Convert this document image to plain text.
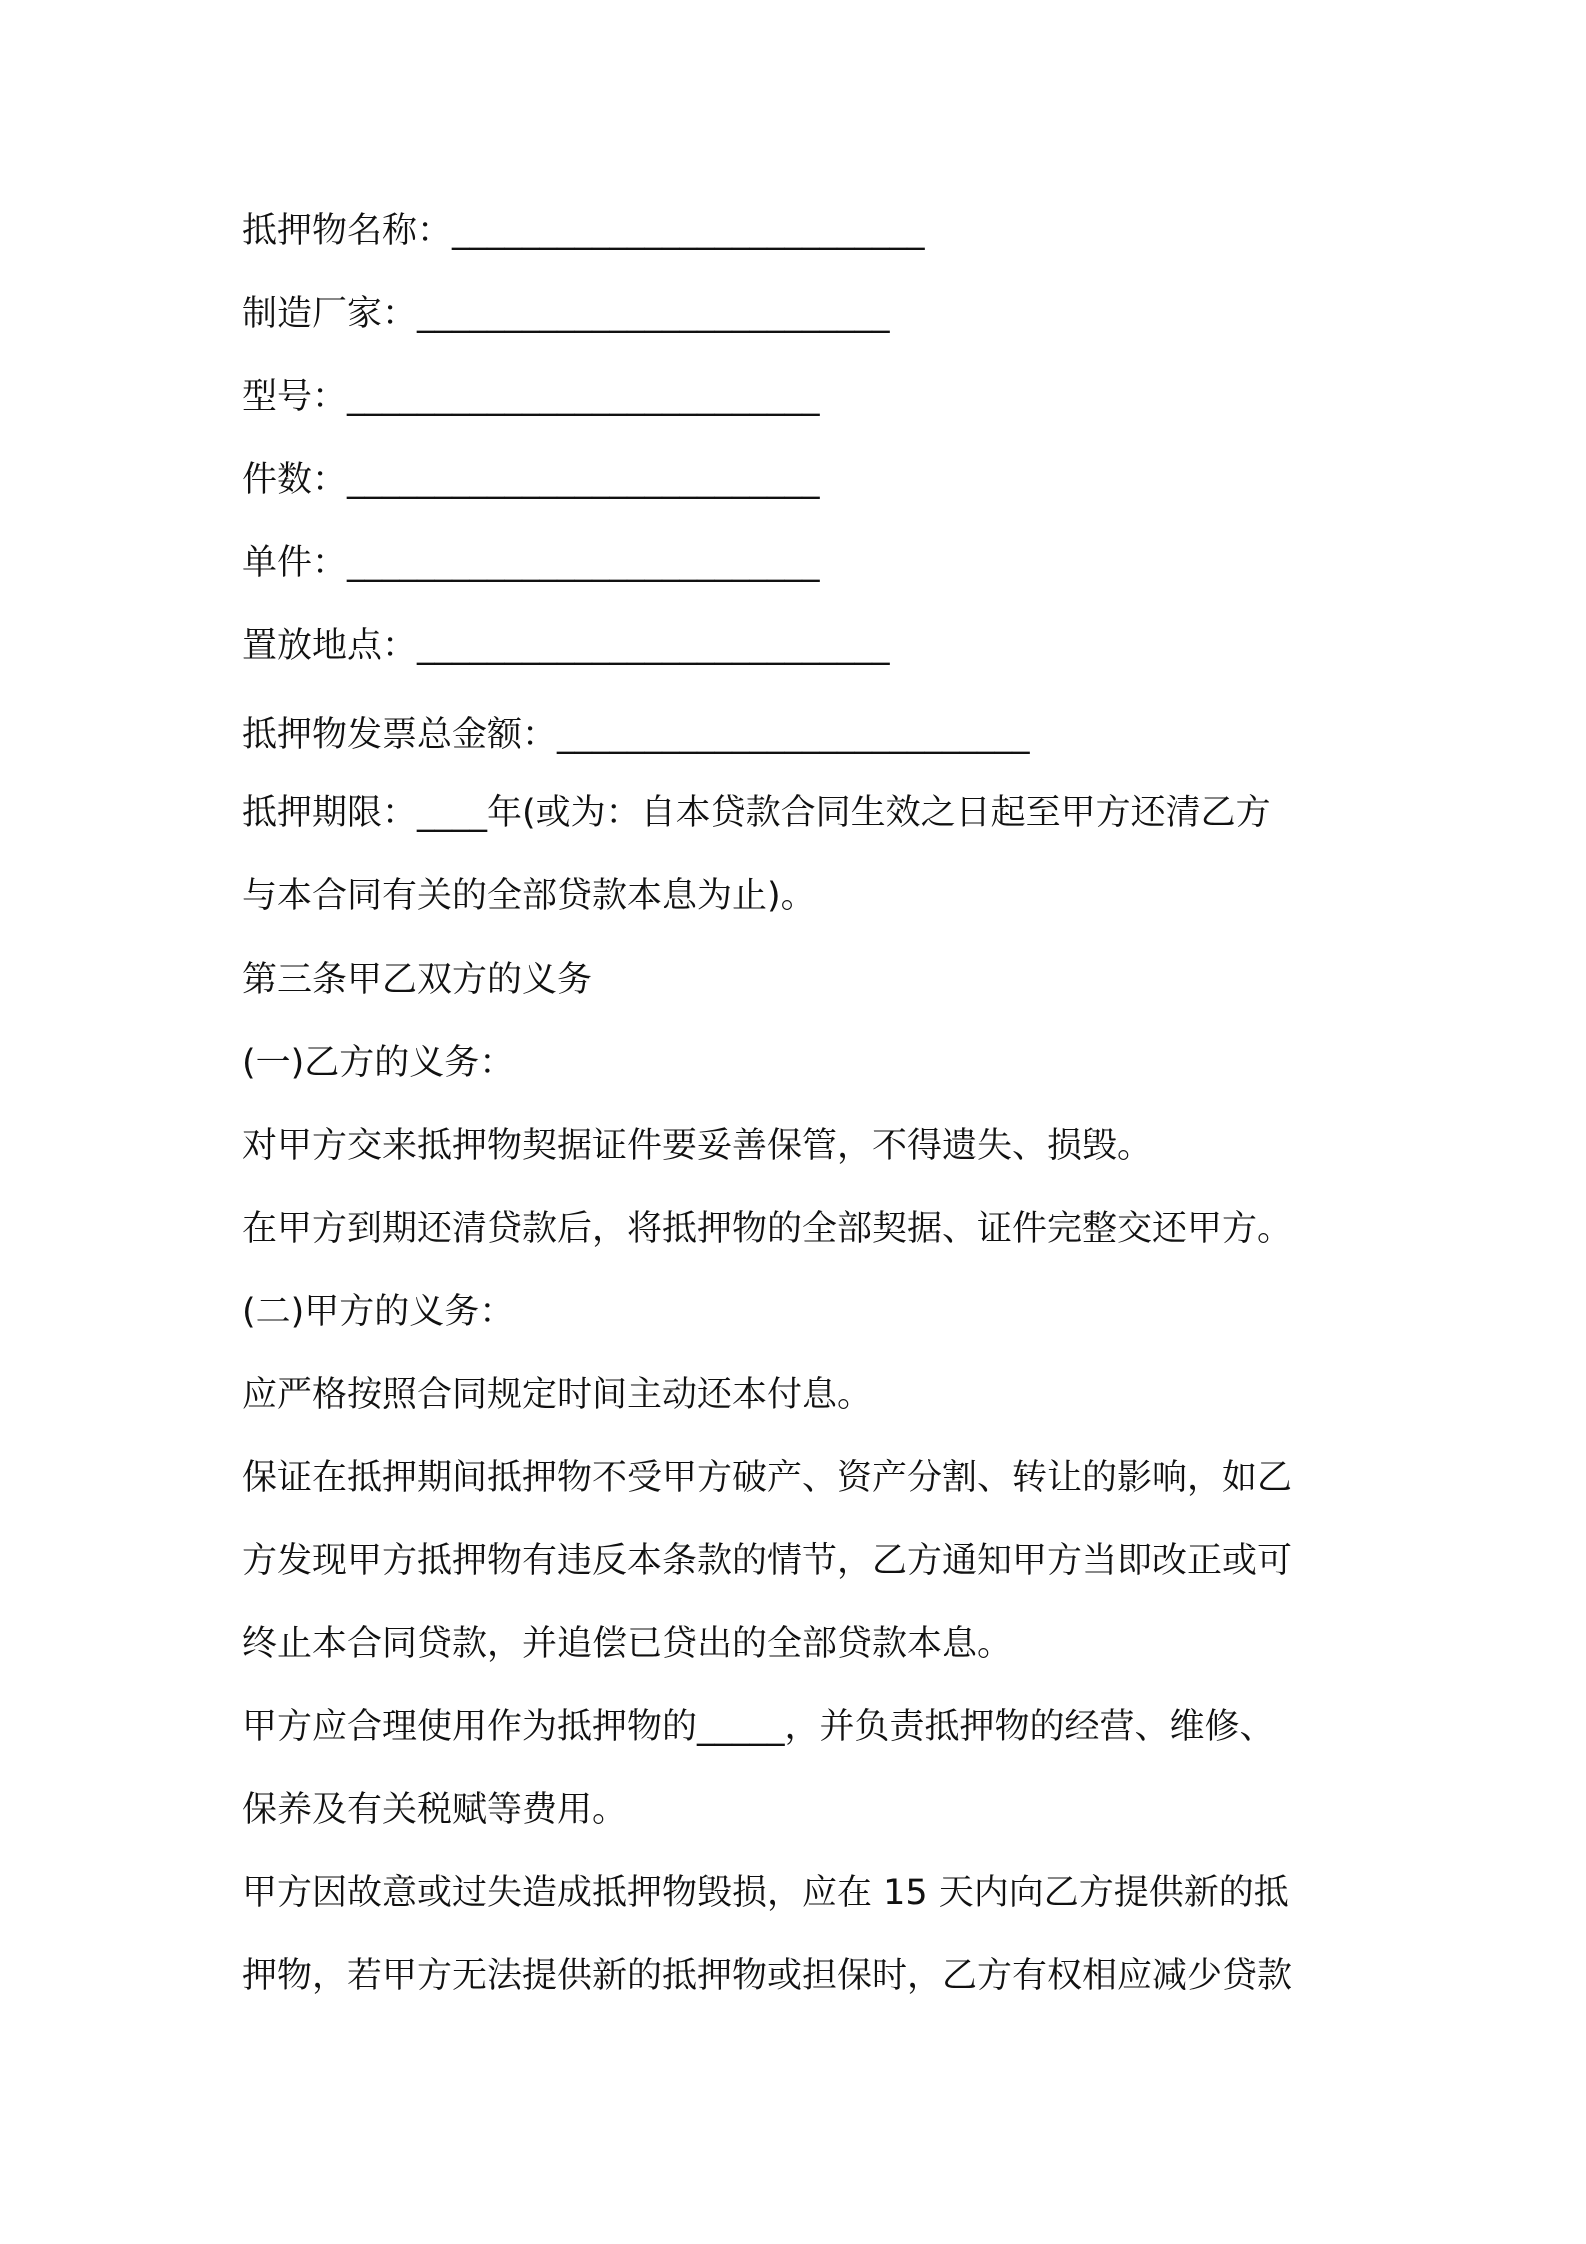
抵押物名称：___________________________
制造厂家：___________________________
型号：___________________________
件数：___________________________
单件：___________________________
置放地点：___________________________
抵押物发票总金额：___________________________
抵押期限：____年(或为：自本贷款合同生效之日起至甲方还清乙方
与本合同有关的全部贷款本息为止)。
第三条甲乙双方的义务
(一)乙方的义务：
对甲方交来抵押物契据证件要妥善保管，不得遗失、损毁。
在甲方到期还清贷款后，将抵押物的全部契据、证件完整交还甲方。
(二)甲方的义务：
应严格按照合同规定时间主动还本付息。
保证在抵押期间抵押物不受甲方破产、资产分割、转让的影响，如乙
方发现甲方抵押物有违反本条款的情节，乙方通知甲方当即改正或可
终止本合同贷款，并追偿已贷出的全部贷款本息。
甲方应合理使用作为抵押物的_____，并负责抵押物的经营、维修、
保养及有关税赋等费用。
甲方因故意或过失造成抵押物毁损，应在 15 天内向乙方提供新的抵
押物，若甲方无法提供新的抵押物或担保时，乙方有权相应减少贷款
